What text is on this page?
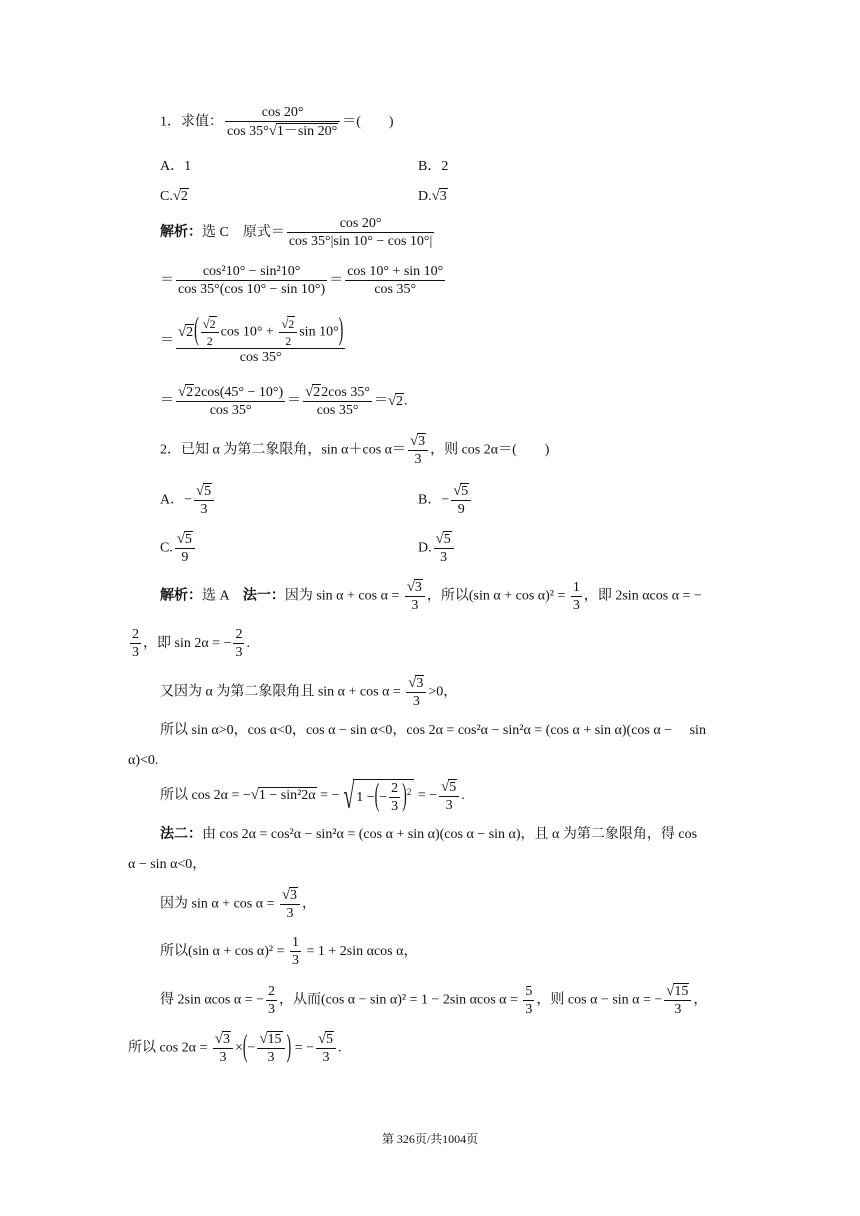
1．求值： $\frac{\cos 20^\circ}{\cos 35^\circ√1-\sin 20^\circ}$ ＝(　　)
A．1	B．2
C.√2	D.√3
解析：选 C　原式＝ $\frac{\cos 20^\circ}{\cos 35^\circ|\sin 10^\circ - \cos 10^\circ|}$
＝ $\frac{\text{cos²10° − sin²10°}}{\cos 35^\circ(\cos 10^\circ - \sin 10^\circ)} = \frac{\cos 10^\circ + \sin 10^\circ}{\cos 35^\circ}$
＝ $\frac{√2( \frac{√2}{2} \cos 10^\circ + \frac{√2}{2} \sin 10^\circ)}{\cos 35^\circ}$
＝ $\frac{√22\cos(45^\circ - 10^\circ)}{\cos 35^\circ} = \frac{√22\cos 35^\circ}{\cos 35^\circ} =√2$.
2．已知 α 为第二象限角，sin α＋cos $\alpha= \frac{√3}{3}$ ，则 cos 2α＝(　　)
A．− $\frac{√5}{3}$	B．− $\frac{√5}{9}$
C. $\frac{√5}{9}$	D. $\frac{√5}{3}$
解析：选 A　法一：因为 $\sin \alpha + \cos \alpha = \frac{√3}{3}$ ，所以(sin $\alpha + \cos \alpha)^2 = \frac{1}{3}$ ，即 2sin αcos α = −
$\frac{2}{3}$ ，即 sin 2α = − $\frac{2}{3}$ .
又因为 α 为第二象限角且 $\sin \alpha + \cos \alpha = \frac{√3}{3} >0$，
所以 sin α>0，cos α<0，cos α − sin α<0，cos 2α = cos²α − sin²α = (cos α + sin α)(cos α −　 sin
α)<0.
所以 cos 2α = −√1 − sin²2α = − √1 −(− $\frac{2}{3} )^2$ = − $\frac{√5}{3}$ .
法二：由 cos 2α = cos²α − sin²α = (cos α + sin α)(cos α − sin α)，且 α 为第二象限角，得 cos
α − sin α<0，
因为 $\sin \alpha + \cos \alpha = \frac{√3}{3}$ ，
所以(sin $\alpha + \cos \alpha)^2 = \frac{1}{3} = 1 + 2\sin$ αcos α，
得 2sin αcos α = − $\frac{2}{3}$ ，从而(cos α − sin α)² = 1 − 2sin αcos $\alpha = \frac{5}{3}$ ，则 cos α − sin α = − $\frac{√15}{3}$ ，
所以 $\cos 2\alpha = \frac{√3}{3}$ ×(− $\frac{√15}{3}$ ) = − $\frac{√5}{3}$ .
第 326页/共1004页
